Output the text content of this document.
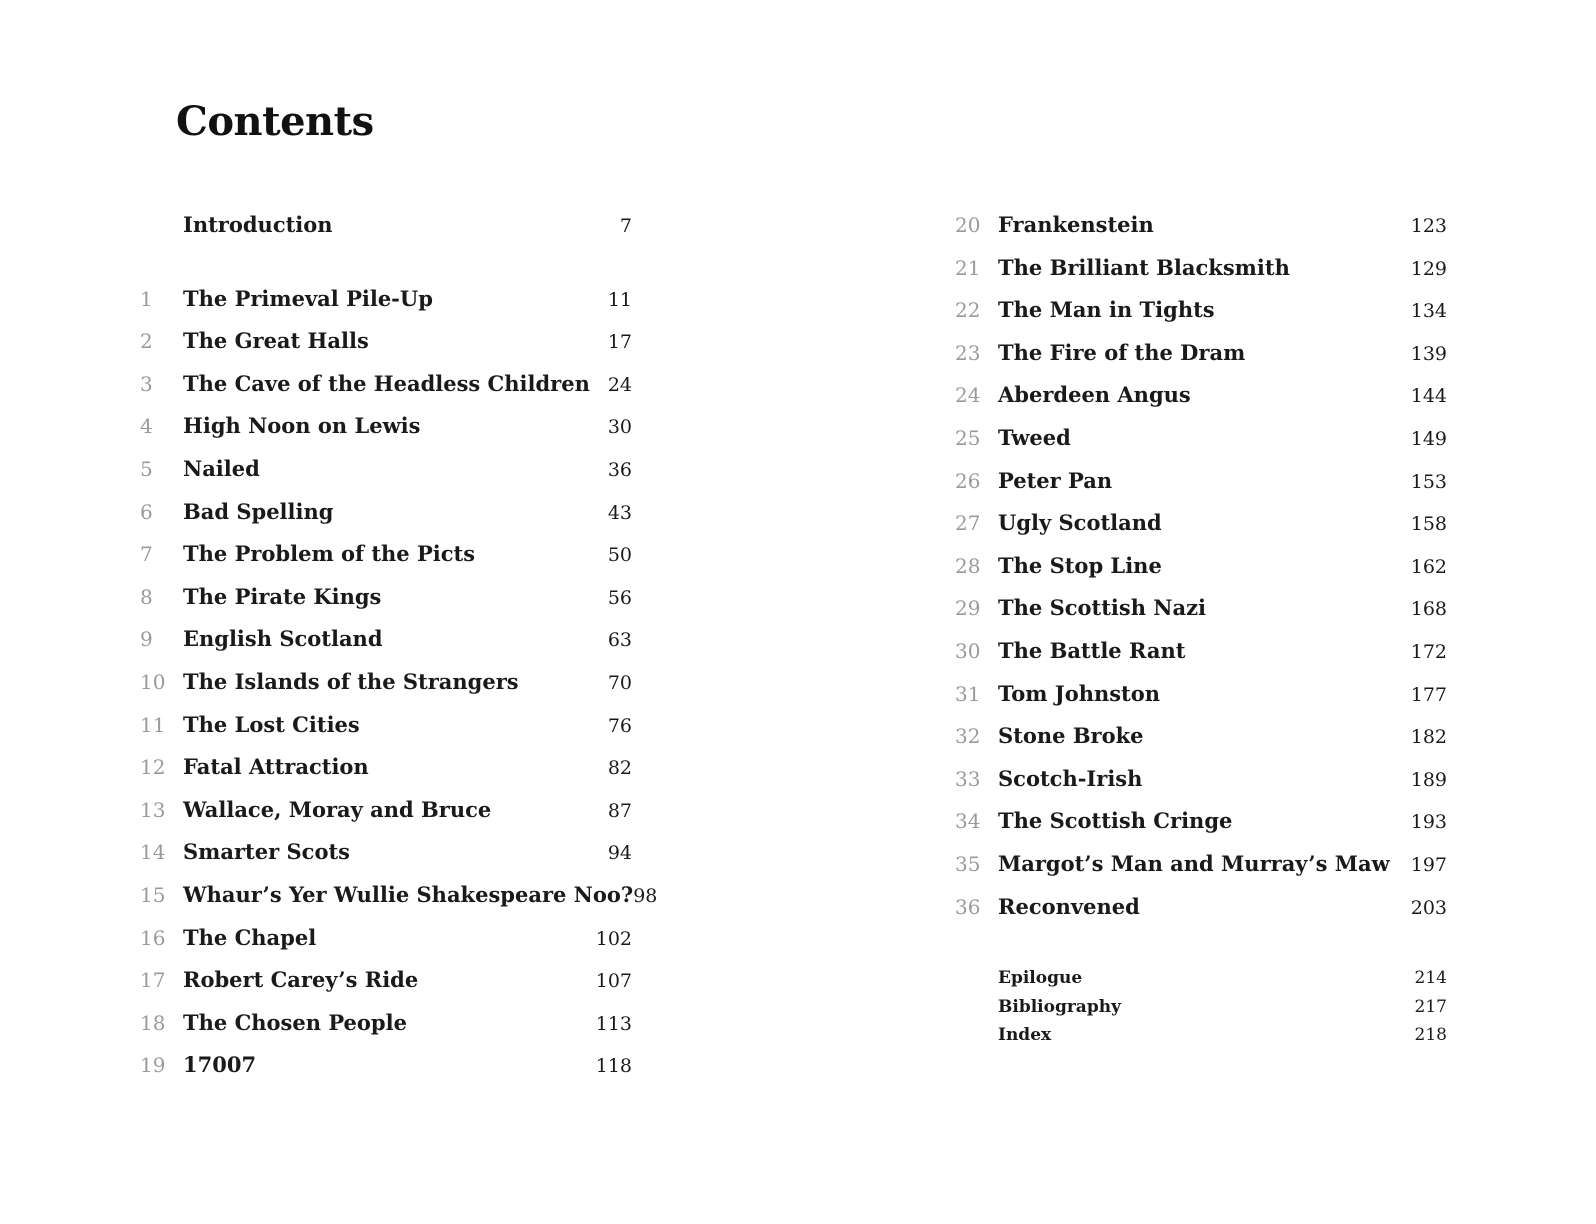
Contents
Introduction	7
1	The Primeval Pile-Up	11
2	The Great Halls	17
3	The Cave of the Headless Children 24
4	High Noon on Lewis	30
5	Nailed	36
6	Bad Spelling	43
7	The Problem of the Picts	50
8	The Pirate Kings	56
9	English Scotland	63
10 The Islands of the Strangers	70
11 The Lost Cities	76
12 Fatal Attraction	82
13 Wallace, Moray and Bruce	87
14 Smarter Scots	94
15 Whaur’s Yer Wullie Shakespeare Noo? 98
16 The Chapel	102
17 Robert Carey’s Ride	107
18 The Chosen People	113
19 17007	118
20 Frankenstein	123
21 The Brilliant Blacksmith	129
22 The Man in Tights	134
23 The Fire of the Dram	139
24 Aberdeen Angus	144
25 Tweed	149
26 Peter Pan	153
27 Ugly Scotland	158
28 The Stop Line	162
29 The Scottish Nazi	168
30 The Battle Rant	172
31 Tom Johnston	177
32 Stone Broke	182
33 Scotch-Irish	189
34 The Scottish Cringe	193
35 Margot’s Man and Murray’s Maw	197
36 Reconvened	203
Epilogue	214
Bibliography	217
Index	218
